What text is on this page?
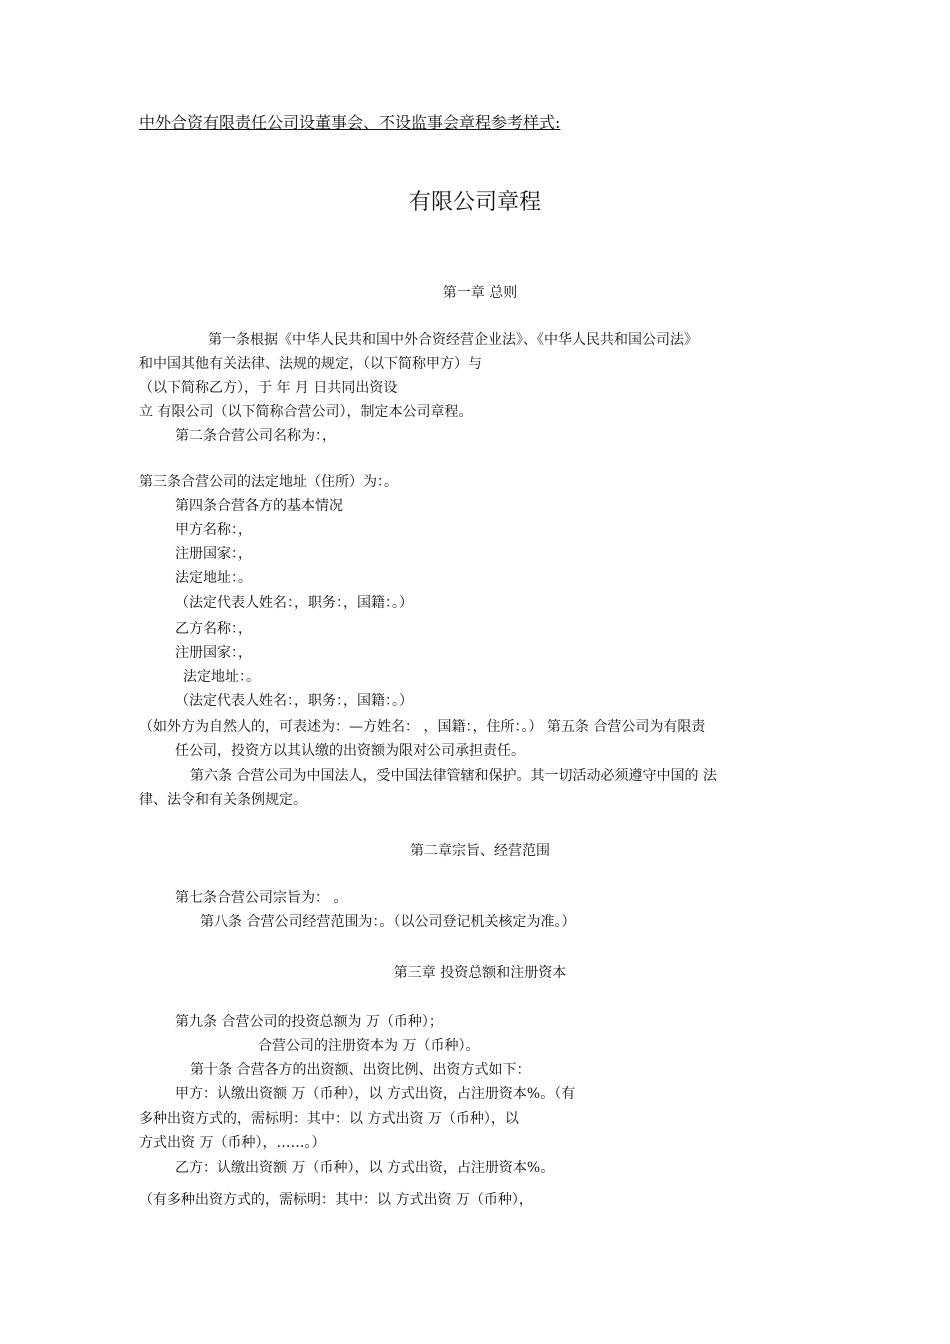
中外合资有限责任公司设董事会、不设监事会章程参考样式:
有限公司章程
第一章 总则
第一条根据《中华人民共和国中外合资经营企业法》、《中华人民共和国公司法》
和中国其他有关法律、法规的规定，（以下简称甲方）与
（以下简称乙方），于 年 月 日共同出资设
立 有限公司（以下简称合营公司），制定本公司章程。
第二条合营公司名称为：，
第三条合营公司的法定地址（住所）为：。
第四条合营各方的基本情况
甲方名称：，
注册国家：，
法定地址：。
（法定代表人姓名：，职务：，国籍：。）
乙方名称：，
注册国家：，
法定地址：。
（法定代表人姓名：，职务：，国籍：。）
（如外方为自然人的，可表述为：—方姓名： ，国籍：，住所：。） 第五条 合营公司为有限责
任公司，投资方以其认缴的出资额为限对公司承担责任。
第六条 合营公司为中国法人，受中国法律管辖和保护。其一切活动必须遵守中国的 法
律、法令和有关条例规定。
第二章宗旨、经营范围
第七条合营公司宗旨为： 。
第八条 合营公司经营范围为：。（以公司登记机关核定为准。）
第三章 投资总额和注册资本
第九条 合营公司的投资总额为 万（币种）；
合营公司的注册资本为 万（币种）。
第十条 合营各方的出资额、出资比例、出资方式如下：
甲方：认缴出资额 万（币种），以 方式出资，占注册资本%。（有
多种出资方式的，需标明：其中：以 方式出资 万（币种），以
方式出资 万（币种），……。）
乙方：认缴出资额 万（币种），以 方式出资，占注册资本%。
（有多种出资方式的，需标明：其中：以 方式出资 万（币种），
